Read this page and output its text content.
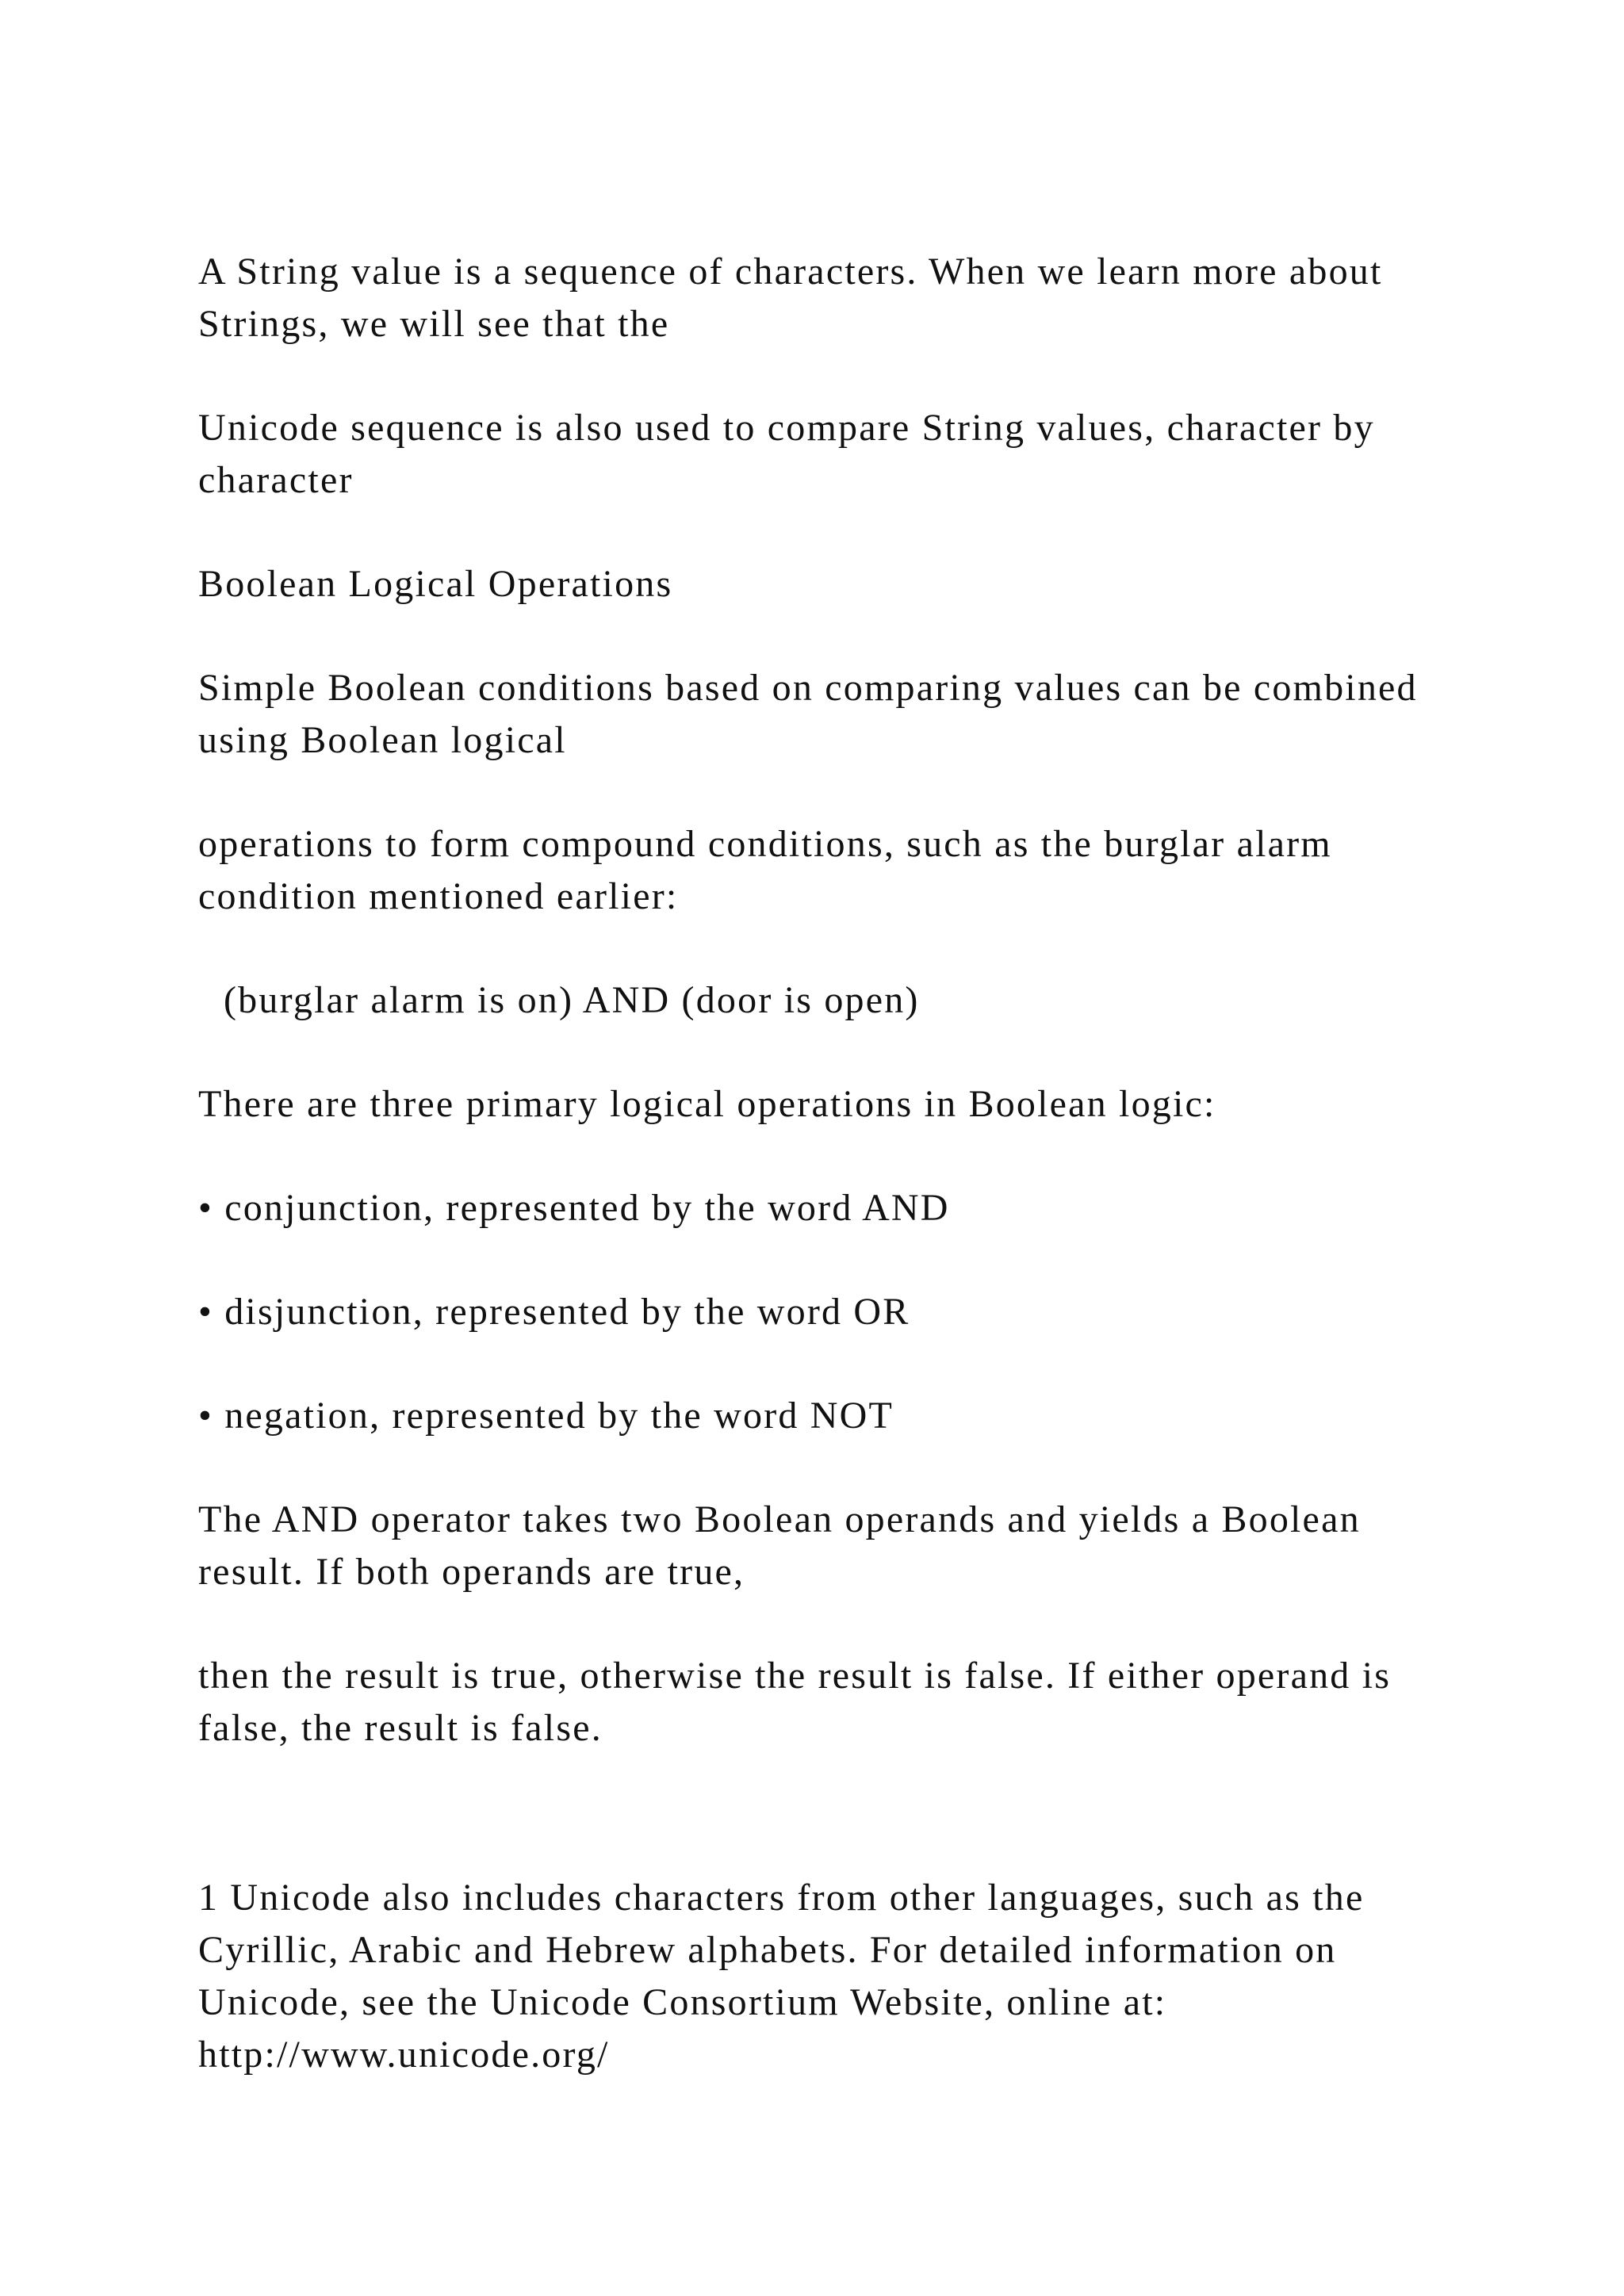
A String value is a sequence of characters. When we learn more about Strings, we will see that the

Unicode sequence is also used to compare String values, character by character

Boolean Logical Operations

Simple Boolean conditions based on comparing values can be combined using Boolean logical

operations to form compound conditions, such as the burglar alarm condition mentioned earlier:

(burglar alarm is on) AND (door is open)

There are three primary logical operations in Boolean logic:

• conjunction, represented by the word AND

• disjunction, represented by the word OR

• negation, represented by the word NOT

The AND operator takes two Boolean operands and yields a Boolean result. If both operands are true,

then the result is true, otherwise the result is false. If either operand is false, the result is false.

1 Unicode also includes characters from other languages, such as the Cyrillic, Arabic and Hebrew alphabets. For detailed information on Unicode, see the Unicode Consortium Website, online at: http://www.unicode.org/
